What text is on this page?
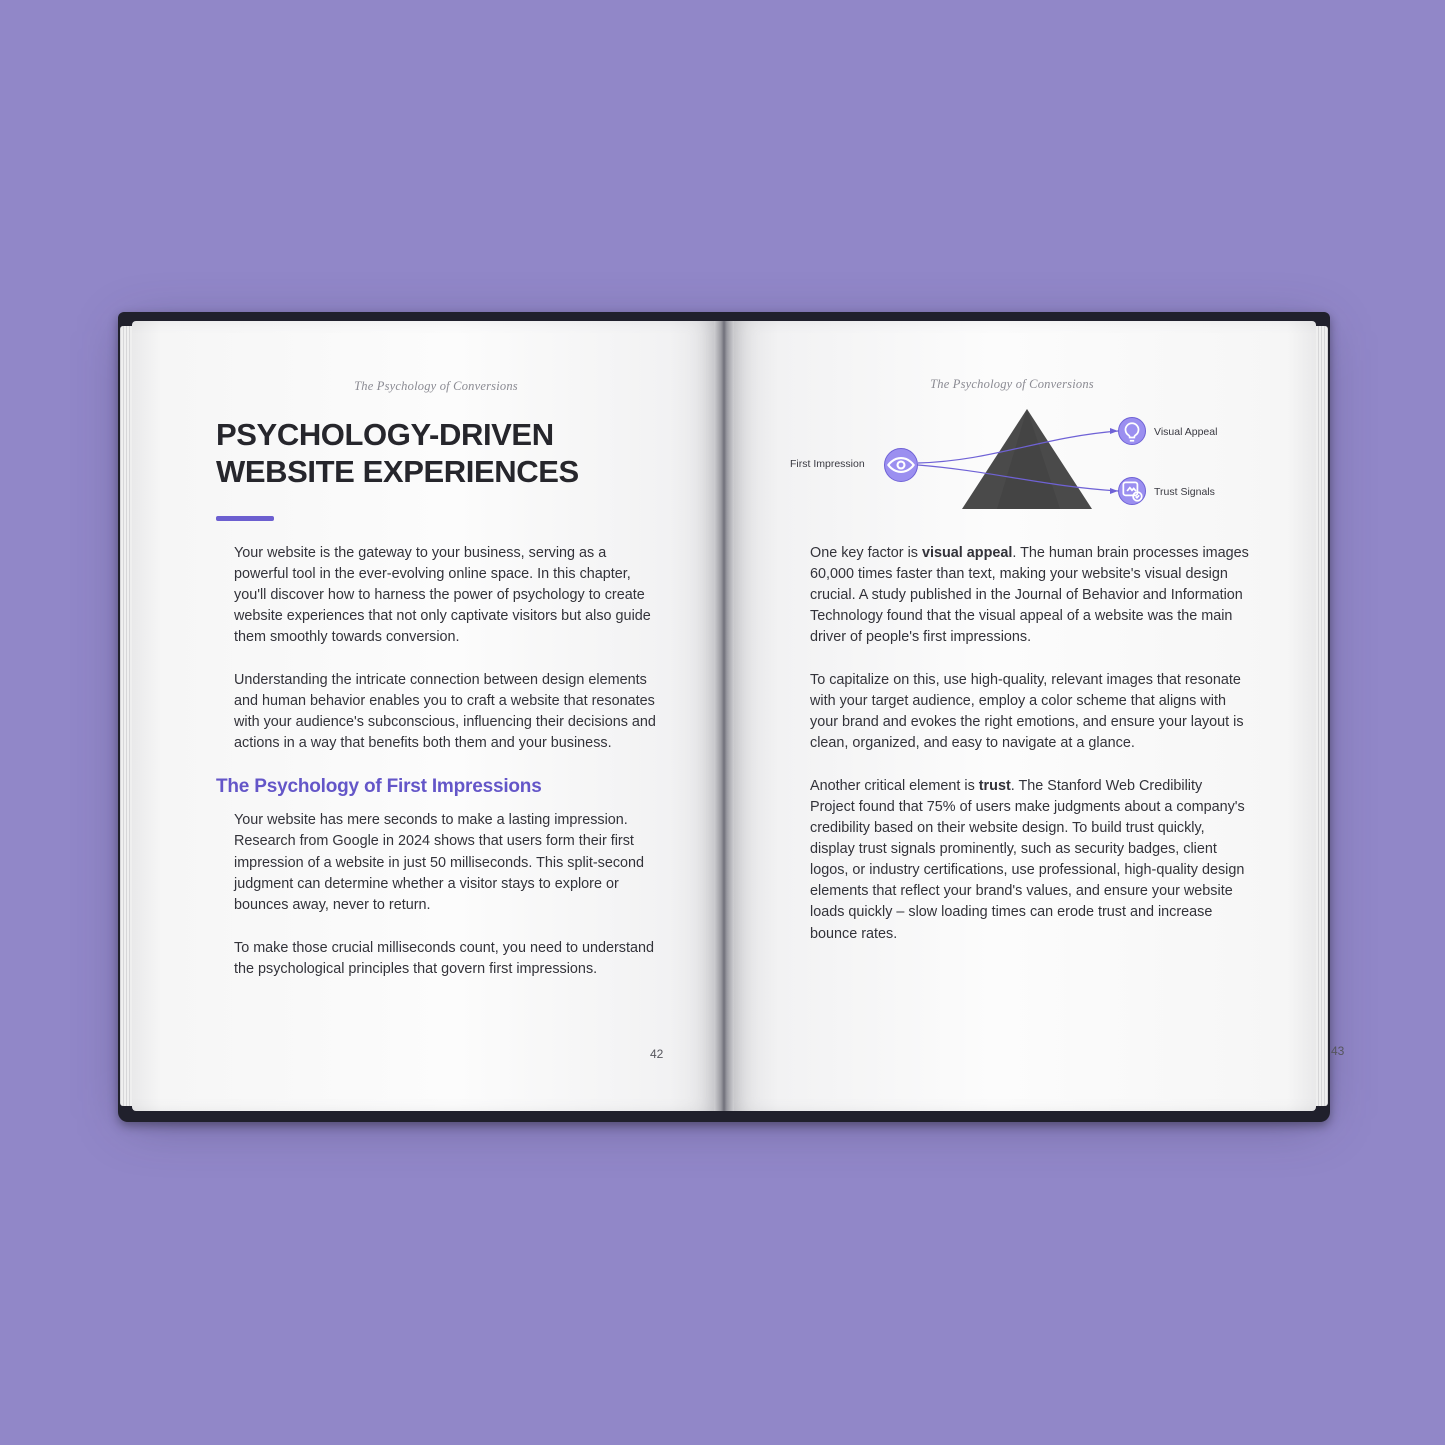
The Psychology of Conversions
PSYCHOLOGY-DRIVEN WEBSITE EXPERIENCES

Your website is the gateway to your business, serving as a powerful tool in the ever-evolving online space. In this chapter, you'll discover how to harness the power of psychology to create website experiences that not only captivate visitors but also guide them smoothly towards conversion.

Understanding the intricate connection between design elements and human behavior enables you to craft a website that resonates with your audience's subconscious, influencing their decisions and actions in a way that benefits both them and your business.

The Psychology of First Impressions

Your website has mere seconds to make a lasting impression. Research from Google in 2024 shows that users form their first impression of a website in just 50 milliseconds. This split-second judgment can determine whether a visitor stays to explore or bounces away, never to return.

To make those crucial milliseconds count, you need to understand the psychological principles that govern first impressions.

42
The Psychology of Conversions
First Impression
Visual Appeal
Trust Signals

One key factor is visual appeal. The human brain processes images 60,000 times faster than text, making your website's visual design crucial. A study published in the Journal of Behavior and Information Technology found that the visual appeal of a website was the main driver of people's first impressions.

To capitalize on this, use high-quality, relevant images that resonate with your target audience, employ a color scheme that aligns with your brand and evokes the right emotions, and ensure your layout is clean, organized, and easy to navigate at a glance.

Another critical element is trust. The Stanford Web Credibility Project found that 75% of users make judgments about a company's credibility based on their website design. To build trust quickly, display trust signals prominently, such as security badges, client logos, or industry certifications, use professional, high-quality design elements that reflect your brand's values, and ensure your website loads quickly – slow loading times can erode trust and increase bounce rates.

43
